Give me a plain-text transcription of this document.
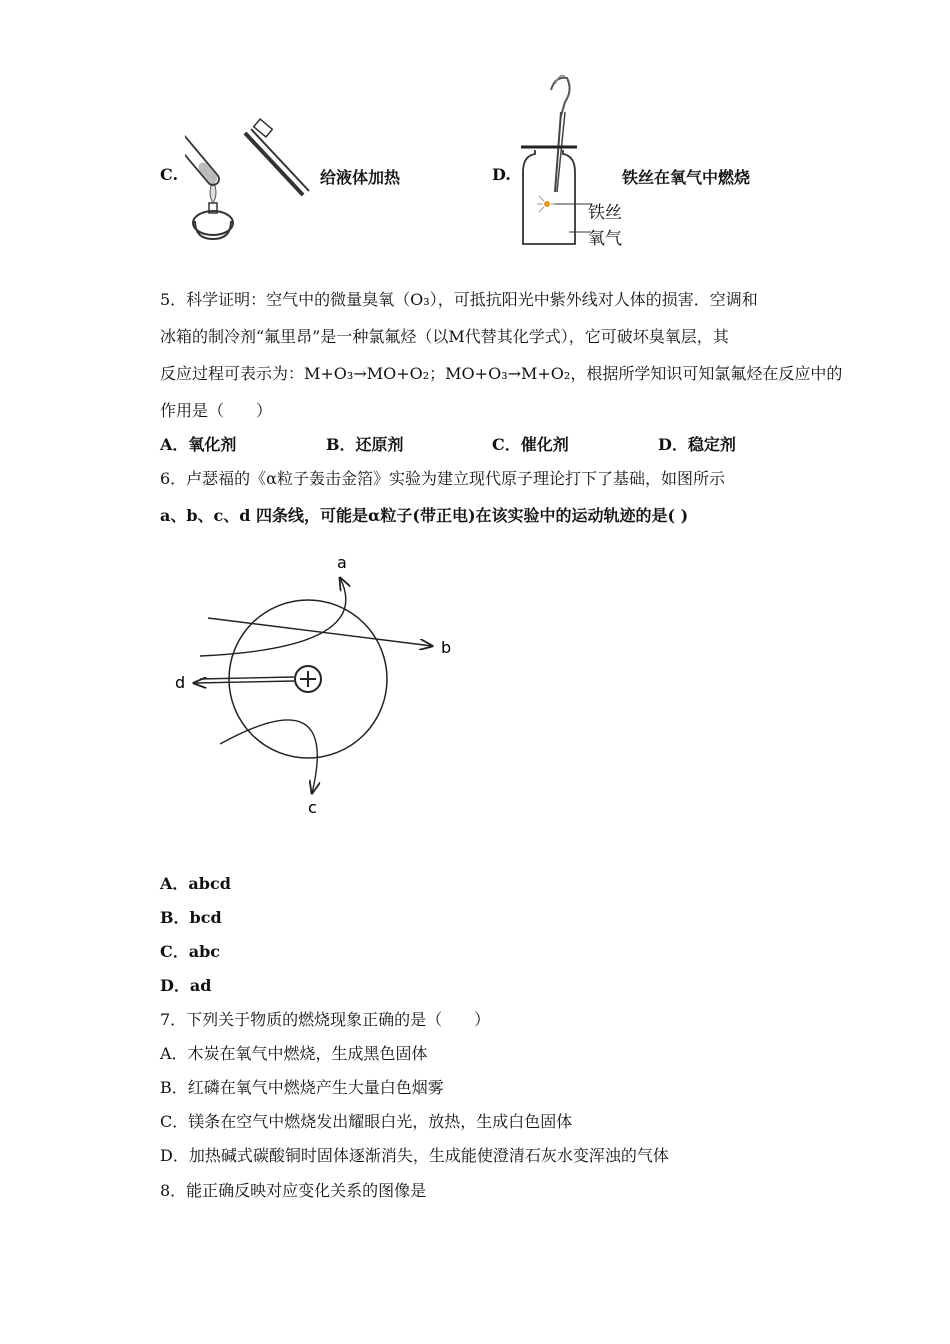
C.	给液体加热	D.
铁丝
氧气
铁丝在氧气中燃烧
5．科学证明：空气中的微量臭氧（O₃），可抵抗阳光中紫外线对人体的损害．空调和
冰箱的制冷剂“氟里昂”是一种氯氟烃（以M代替其化学式），它可破坏臭氧层，其
反应过程可表示为：M+O₃→MO+O₂；MO+O₃→M+O₂，根据所学知识可知氯氟烃在反应中的
作用是（　　）
A．氧化剂	B．还原剂	C．催化剂	D．稳定剂
6．卢瑟福的《α粒子轰击金箔》实验为建立现代原子理论打下了基础，如图所示
a、b、c、d 四条线，可能是α粒子(带正电)在该实验中的运动轨迹的是( )
a
b
c
d
A．abcd
B．bcd
C．abc
D．ad
7．下列关于物质的燃烧现象正确的是（　　）
A．木炭在氧气中燃烧，生成黑色固体
B．红磷在氧气中燃烧产生大量白色烟雾
C．镁条在空气中燃烧发出耀眼白光，放热，生成白色固体
D．加热碱式碳酸铜时固体逐渐消失，生成能使澄清石灰水变浑浊的气体
8．能正确反映对应变化关系的图像是
